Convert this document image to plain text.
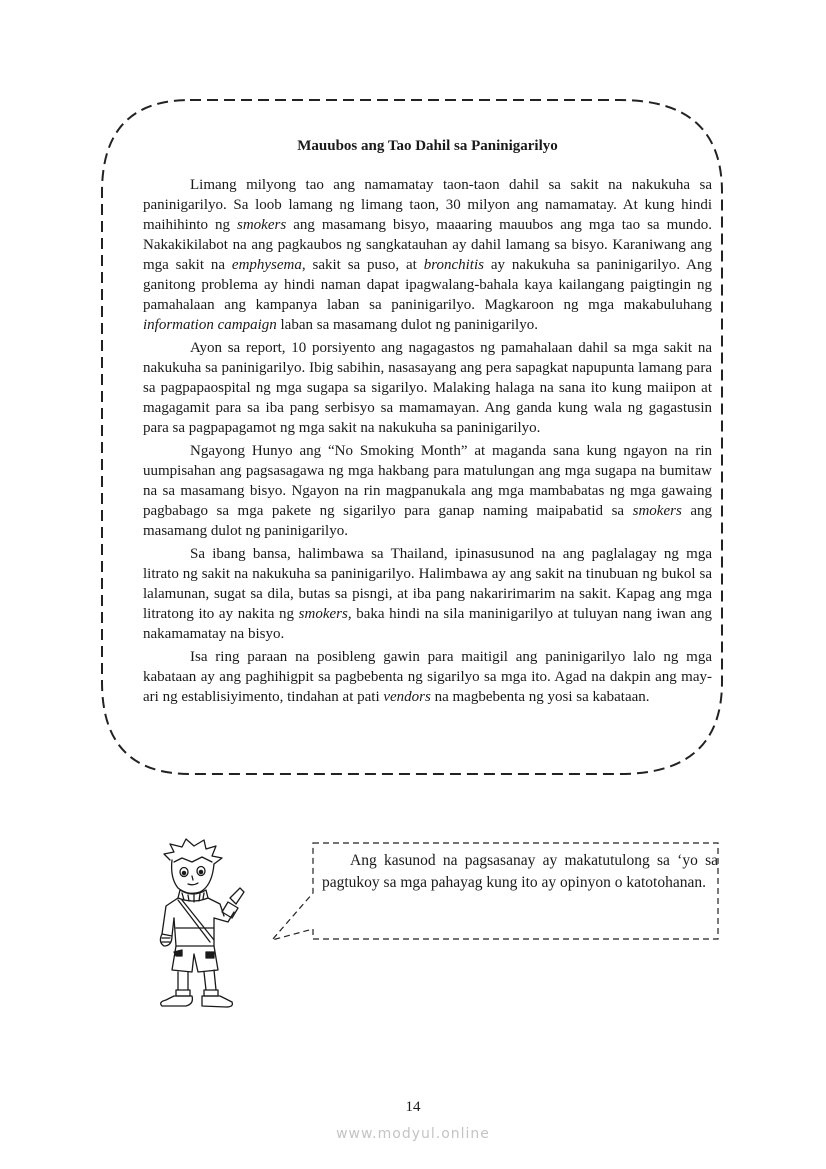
Mauubos ang Tao Dahil sa Paninigarilyo

Limang milyong tao ang namamatay taon-taon dahil sa sakit na nakukuha sa paninigarilyo. Sa loob lamang ng limang taon, 30 milyon ang namamatay. At kung hindi maihihinto ng smokers ang masamang bisyo, maaaring mauubos ang mga tao sa mundo. Nakakikilabot na ang pagkaubos ng sangkatauhan ay dahil lamang sa bisyo. Karaniwang ang mga sakit na emphysema, sakit sa puso, at bronchitis ay nakukuha sa paninigarilyo. Ang ganitong problema ay hindi naman dapat ipagwalang-bahala kaya kailangang paigtingin ng pamahalaan ang kampanya laban sa paninigarilyo. Magkaroon ng mga makabuluhang information campaign laban sa masamang dulot ng paninigarilyo.

Ayon sa report, 10 porsiyento ang nagagastos ng pamahalaan dahil sa mga sakit na nakukuha sa paninigarilyo. Ibig sabihin, nasasayang ang pera sapagkat napupunta lamang para sa pagpapaospital ng mga sugapa sa sigarilyo. Malaking halaga na sana ito kung maiipon at magagamit para sa iba pang serbisyo sa mamamayan. Ang ganda kung wala ng gagastusin para sa pagpapagamot ng mga sakit na nakukuha sa paninigarilyo.

Ngayong Hunyo ang “No Smoking Month” at maganda sana kung ngayon na rin uumpisahan ang pagsasagawa ng mga hakbang para matulungan ang mga sugapa na bumitaw na sa masamang bisyo. Ngayon na rin magpanukala ang mga mambabatas ng mga gawaing pagbabago sa mga pakete ng sigarilyo para ganap naming maipabatid sa smokers ang masamang dulot ng paninigarilyo.

Sa ibang bansa, halimbawa sa Thailand, ipinasusunod na ang paglalagay ng mga litrato ng sakit na nakukuha sa paninigarilyo. Halimbawa ay ang sakit na tinubuan ng bukol sa lalamunan, sugat sa dila, butas sa pisngi, at iba pang nakaririmarim na sakit. Kapag ang mga litratong ito ay nakita ng smokers, baka hindi na sila maninigarilyo at tuluyan nang iwan ang nakamamatay na bisyo.

Isa ring paraan na posibleng gawin para maitigil ang paninigarilyo lalo ng mga kabataan ay ang paghihigpit sa pagbebenta ng sigarilyo sa mga ito. Agad na dakpin ang may-ari ng establisiyimento, tindahan at pati vendors na magbebenta ng yosi sa kabataan.

Ang kasunod na pagsasanay ay makatutulong sa ‘yo sa pagtukoy sa mga pahayag kung ito ay opinyon o katotohanan.

14
www.modyul.online
